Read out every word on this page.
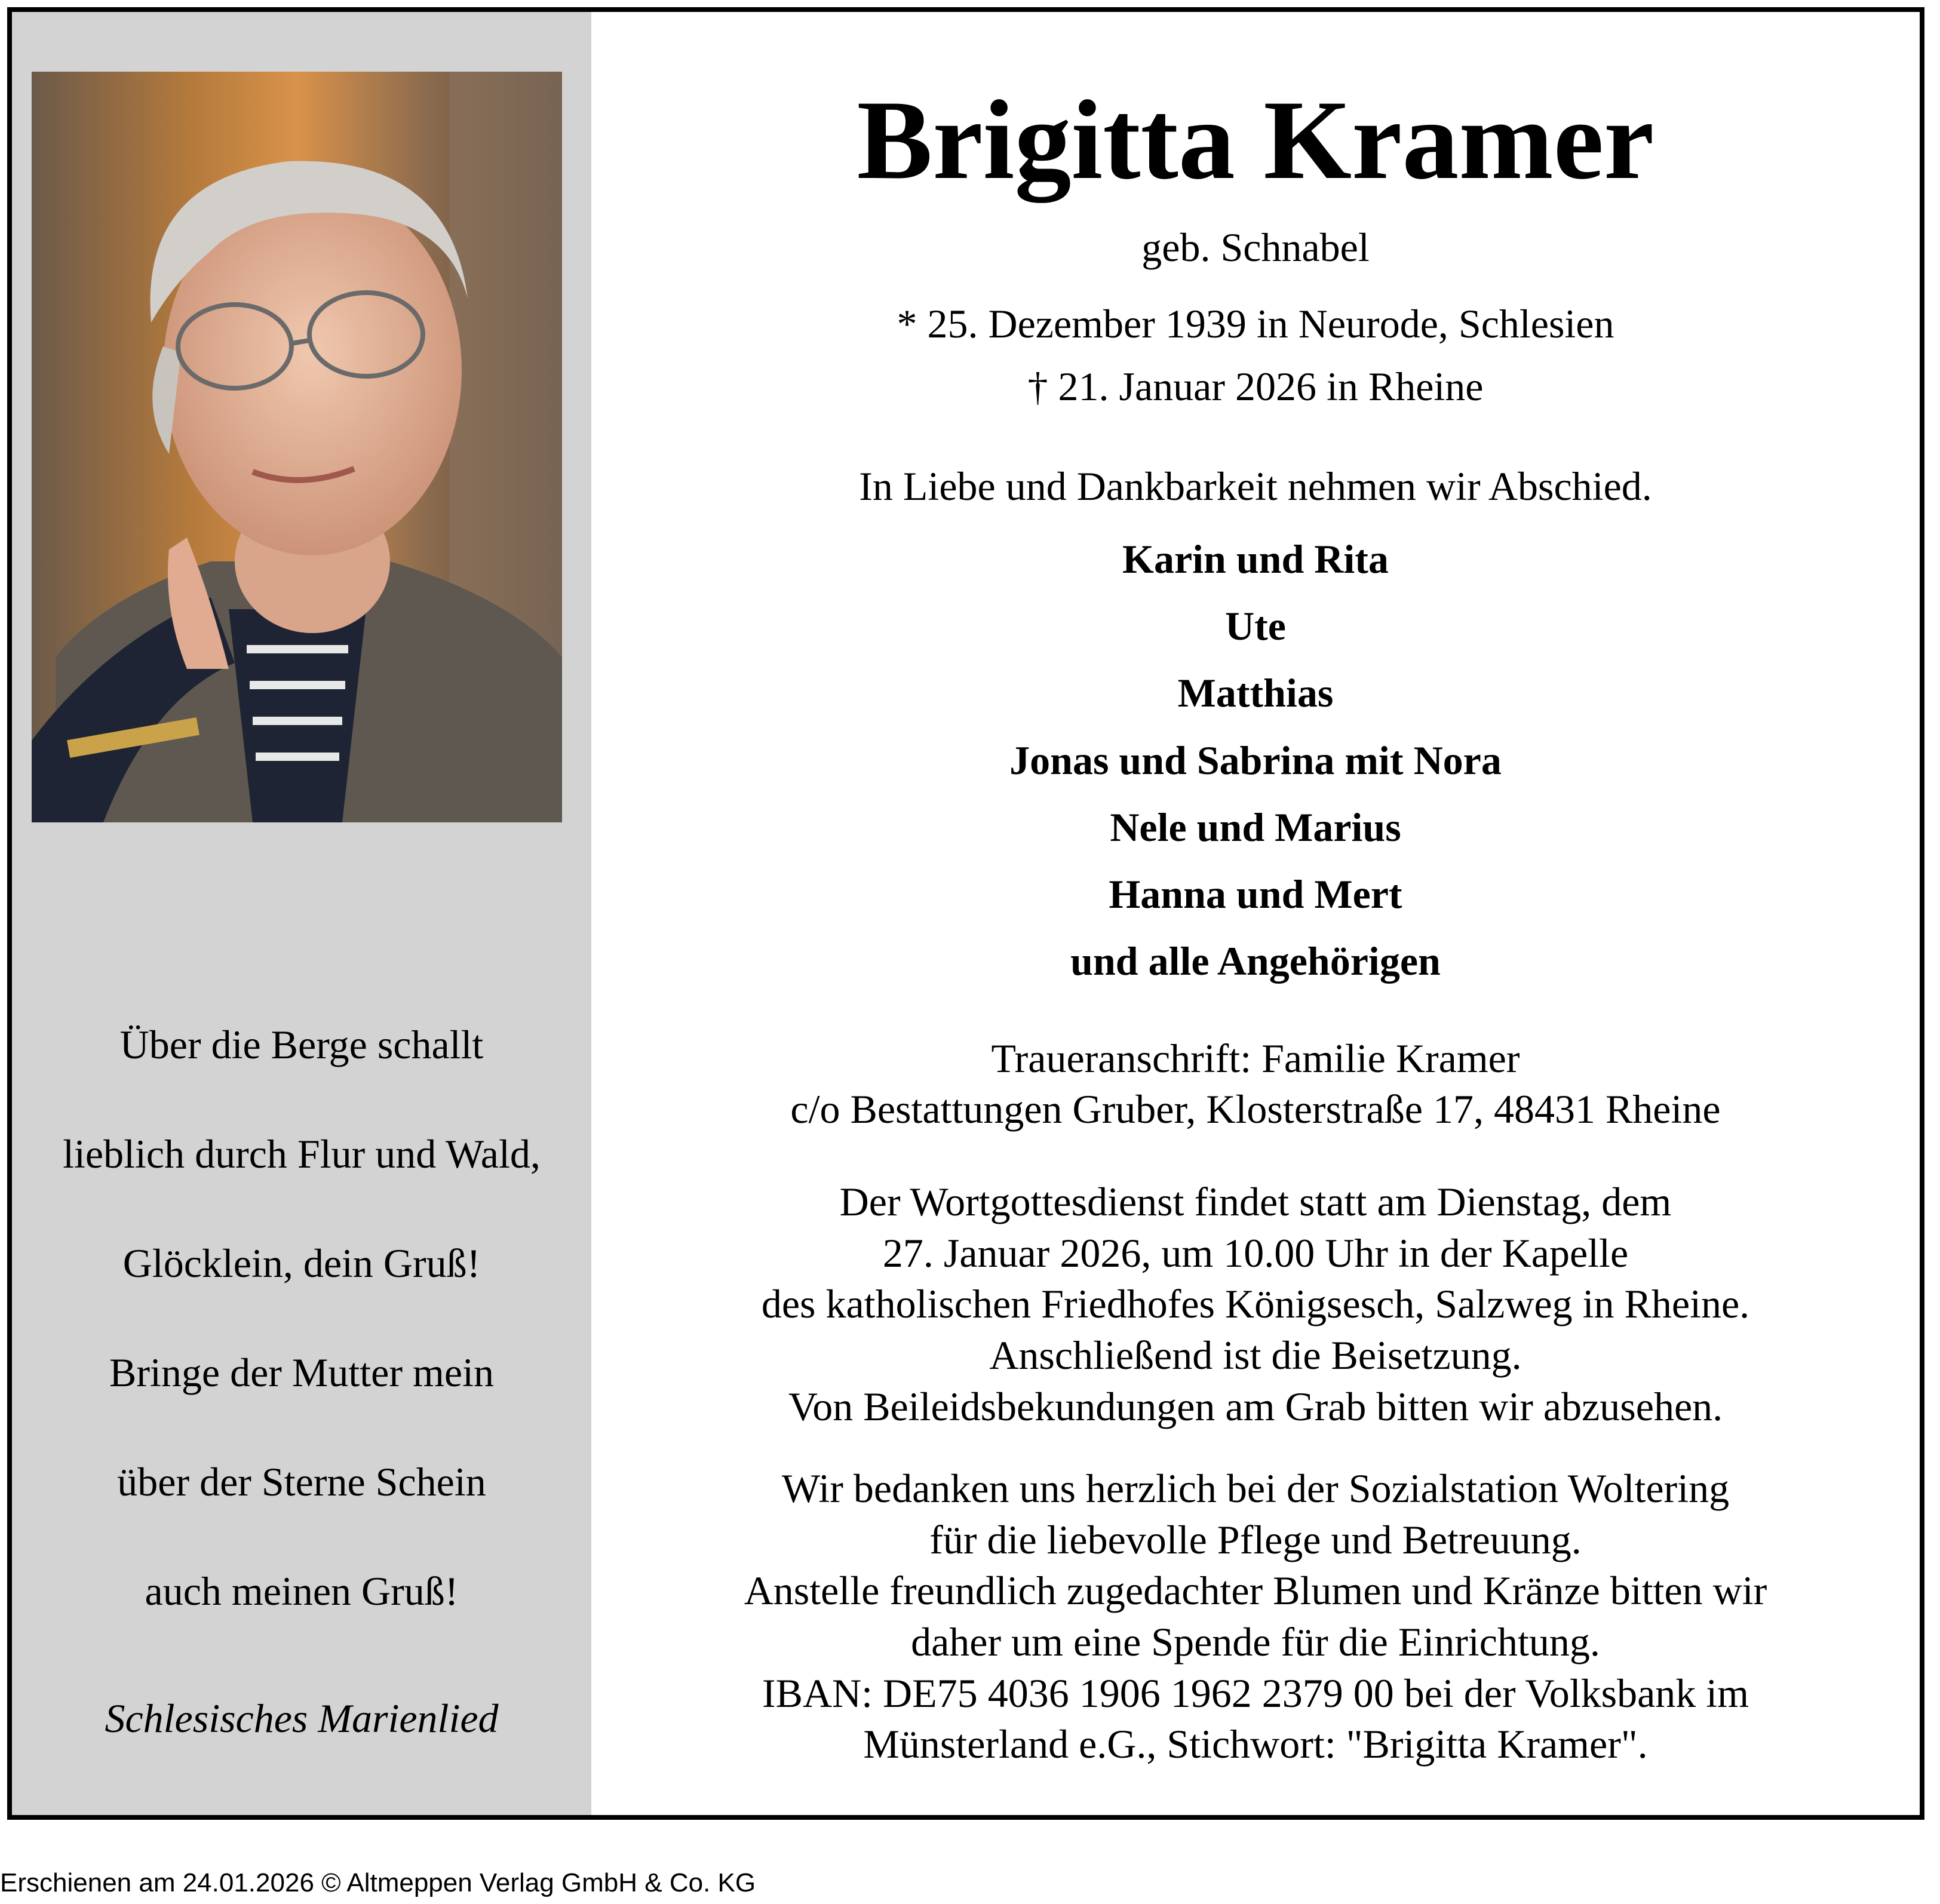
Über die Berge schallt
lieblich durch Flur und Wald,
Glöcklein, dein Gruß!
Bringe der Mutter mein
über der Sterne Schein
auch meinen Gruß!
Schlesisches Marienlied
Brigitta Kramer
geb. Schnabel
* 25. Dezember 1939 in Neurode, Schlesien
† 21. Januar 2026 in Rheine
In Liebe und Dankbarkeit nehmen wir Abschied.
Karin und Rita
Ute
Matthias
Jonas und Sabrina mit Nora
Nele und Marius
Hanna und Mert
und alle Angehörigen
Traueranschrift: Familie Kramer
c/o Bestattungen Gruber, Klosterstraße 17, 48431 Rheine
Der Wortgottesdienst findet statt am Dienstag, dem
27. Januar 2026, um 10.00 Uhr in der Kapelle
des katholischen Friedhofes Königsesch, Salzweg in Rheine.
Anschließend ist die Beisetzung.
Von Beileidsbekundungen am Grab bitten wir abzusehen.
Wir bedanken uns herzlich bei der Sozialstation Woltering
für die liebevolle Pflege und Betreuung.
Anstelle freundlich zugedachter Blumen und Kränze bitten wir
daher um eine Spende für die Einrichtung.
IBAN: DE75 4036 1906 1962 2379 00 bei der Volksbank im
Münsterland e.G., Stichwort: "Brigitta Kramer".
Erschienen am 24.01.2026 © Altmeppen Verlag GmbH & Co. KG
